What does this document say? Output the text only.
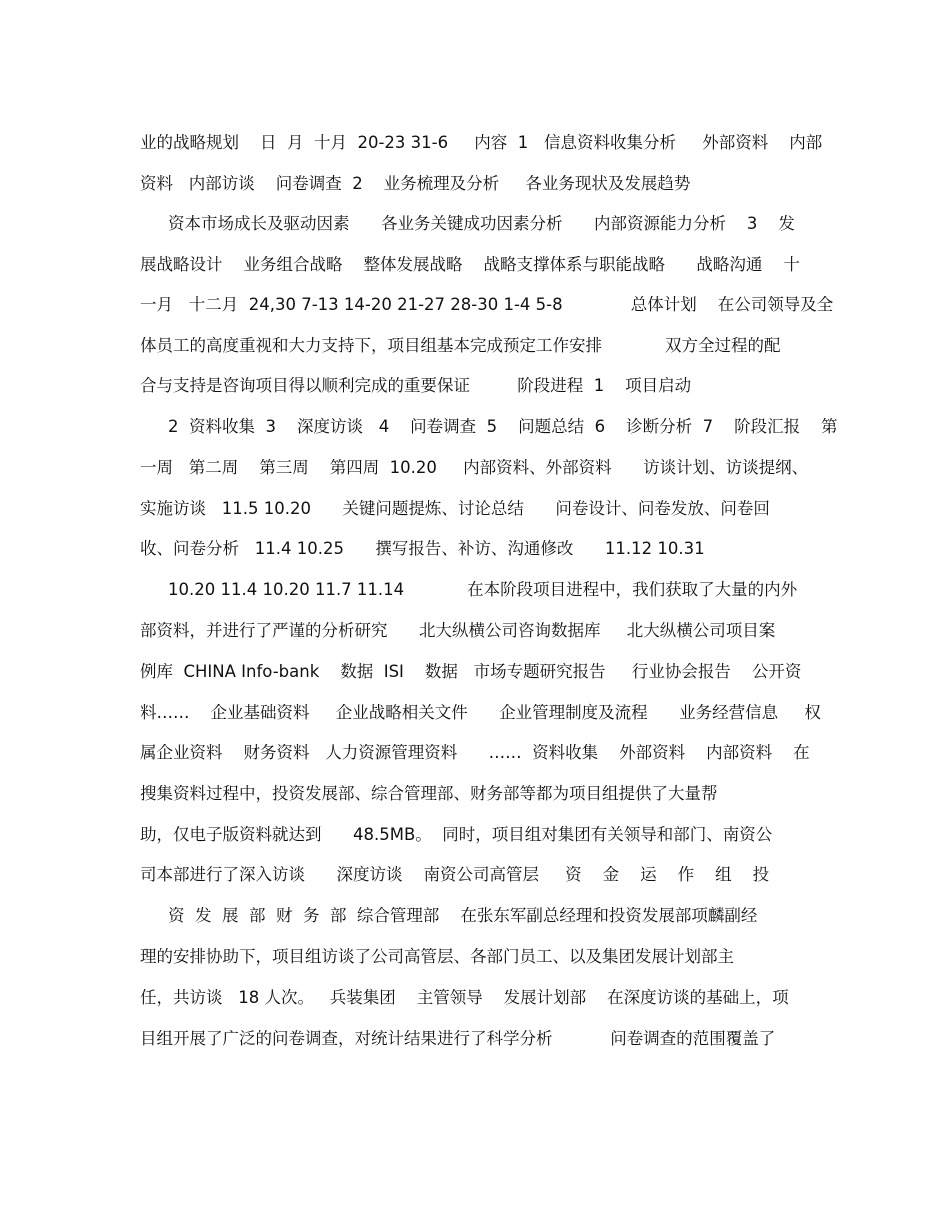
业的战略规划    日  月  十月  20-23 31-6     内容  1   信息资料收集分析     外部资料    内部
资料   内部访谈    问卷调查  2    业务梳理及分析     各业务现状及发展趋势
资本市场成长及驱动因素      各业务关键成功因素分析      内部资源能力分析    3    发
展战略设计    业务组合战略    整体发展战略    战略支撑体系与职能战略      战略沟通    十
一月   十二月  24,30 7-13 14-20 21-27 28-30 1-4 5-8             总体计划    在公司领导及全
体员工的高度重视和大力支持下，项目组基本完成预定工作安排            双方全过程的配
合与支持是咨询项目得以顺利完成的重要保证         阶段进程  1    项目启动
2  资料收集  3    深度访谈   4    问卷调查  5    问题总结  6    诊断分析  7    阶段汇报    第
一周   第二周    第三周    第四周  10.20     内部资料、外部资料      访谈计划、访谈提纲、
实施访谈   11.5 10.20      关键问题提炼、讨论总结      问卷设计、问卷发放、问卷回
收、问卷分析   11.4 10.25      撰写报告、补访、沟通修改      11.12 10.31
10.20 11.4 10.20 11.7 11.14            在本阶段项目进程中，我们获取了大量的内外
部资料，并进行了严谨的分析研究      北大纵横公司咨询数据库     北大纵横公司项目案
例库  CHINA Info-bank    数据  ISI    数据   市场专题研究报告     行业协会报告    公开资
料……    企业基础资料     企业战略相关文件      企业管理制度及流程      业务经营信息     权
属企业资料    财务资料   人力资源管理资料      ……  资料收集    外部资料    内部资料    在
搜集资料过程中，投资发展部、综合管理部、财务部等都为项目组提供了大量帮
助，仅电子版资料就达到      48.5MB。  同时，项目组对集团有关领导和部门、南资公
司本部进行了深入访谈      深度访谈    南资公司高管层     资    金    运    作    组    投
资  发  展  部  财  务  部  综合管理部    在张东军副总经理和投资发展部项麟副经
理的安排协助下，项目组访谈了公司高管层、各部门员工、以及集团发展计划部主
任，共访谈   18 人次。   兵装集团    主管领导    发展计划部    在深度访谈的基础上，项
目组开展了广泛的问卷调查，对统计结果进行了科学分析           问卷调查的范围覆盖了
